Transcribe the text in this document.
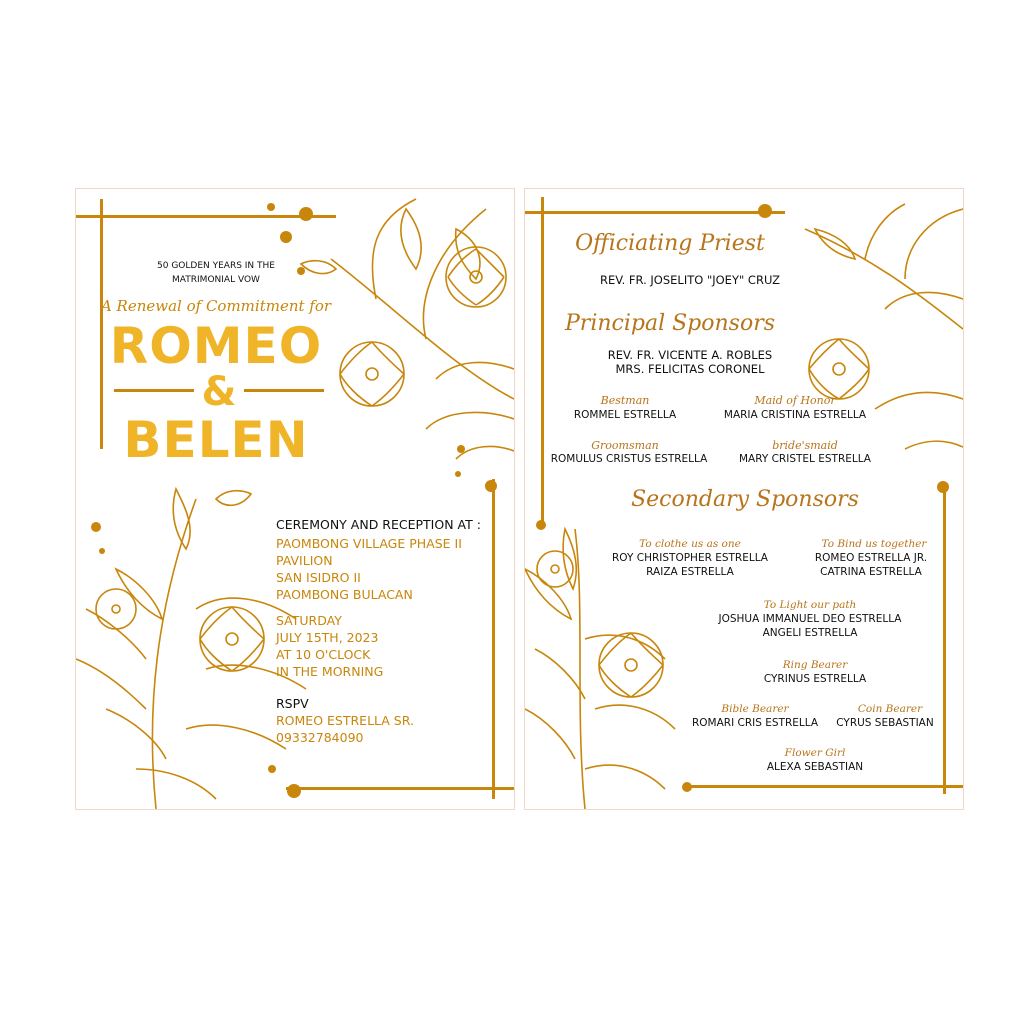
50 GOLDEN YEARS IN THE
MATRIMONIAL VOW
A Renewal of Commitment for
ROMEO
&
BELEN
CEREMONY AND RECEPTION AT :
PAOMBONG VILLAGE PHASE II
PAVILION
SAN ISIDRO II
PAOMBONG BULACAN
SATURDAY
JULY 15TH, 2023
AT 10 O'CLOCK
IN THE MORNING
RSPV
ROMEO ESTRELLA SR.
09332784090
Officiating Priest
REV. FR. JOSELITO "JOEY" CRUZ
Principal Sponsors
REV. FR. VICENTE A. ROBLES
MRS. FELICITAS CORONEL
Bestman
ROMMEL ESTRELLA
Maid of Honor
MARIA CRISTINA ESTRELLA
Groomsman
ROMULUS CRISTUS ESTRELLA
bride'smaid
MARY CRISTEL ESTRELLA
Secondary Sponsors
To clothe us as one
ROY CHRISTOPHER ESTRELLA
RAIZA ESTRELLA
To Bind us together
ROMEO ESTRELLA JR.
CATRINA ESTRELLA
To Light our path
JOSHUA IMMANUEL DEO ESTRELLA
ANGELI ESTRELLA
Ring Bearer
CYRINUS ESTRELLA
Bible Bearer
ROMARI CRIS ESTRELLA
Coin Bearer
CYRUS SEBASTIAN
Flower Girl
ALEXA SEBASTIAN
